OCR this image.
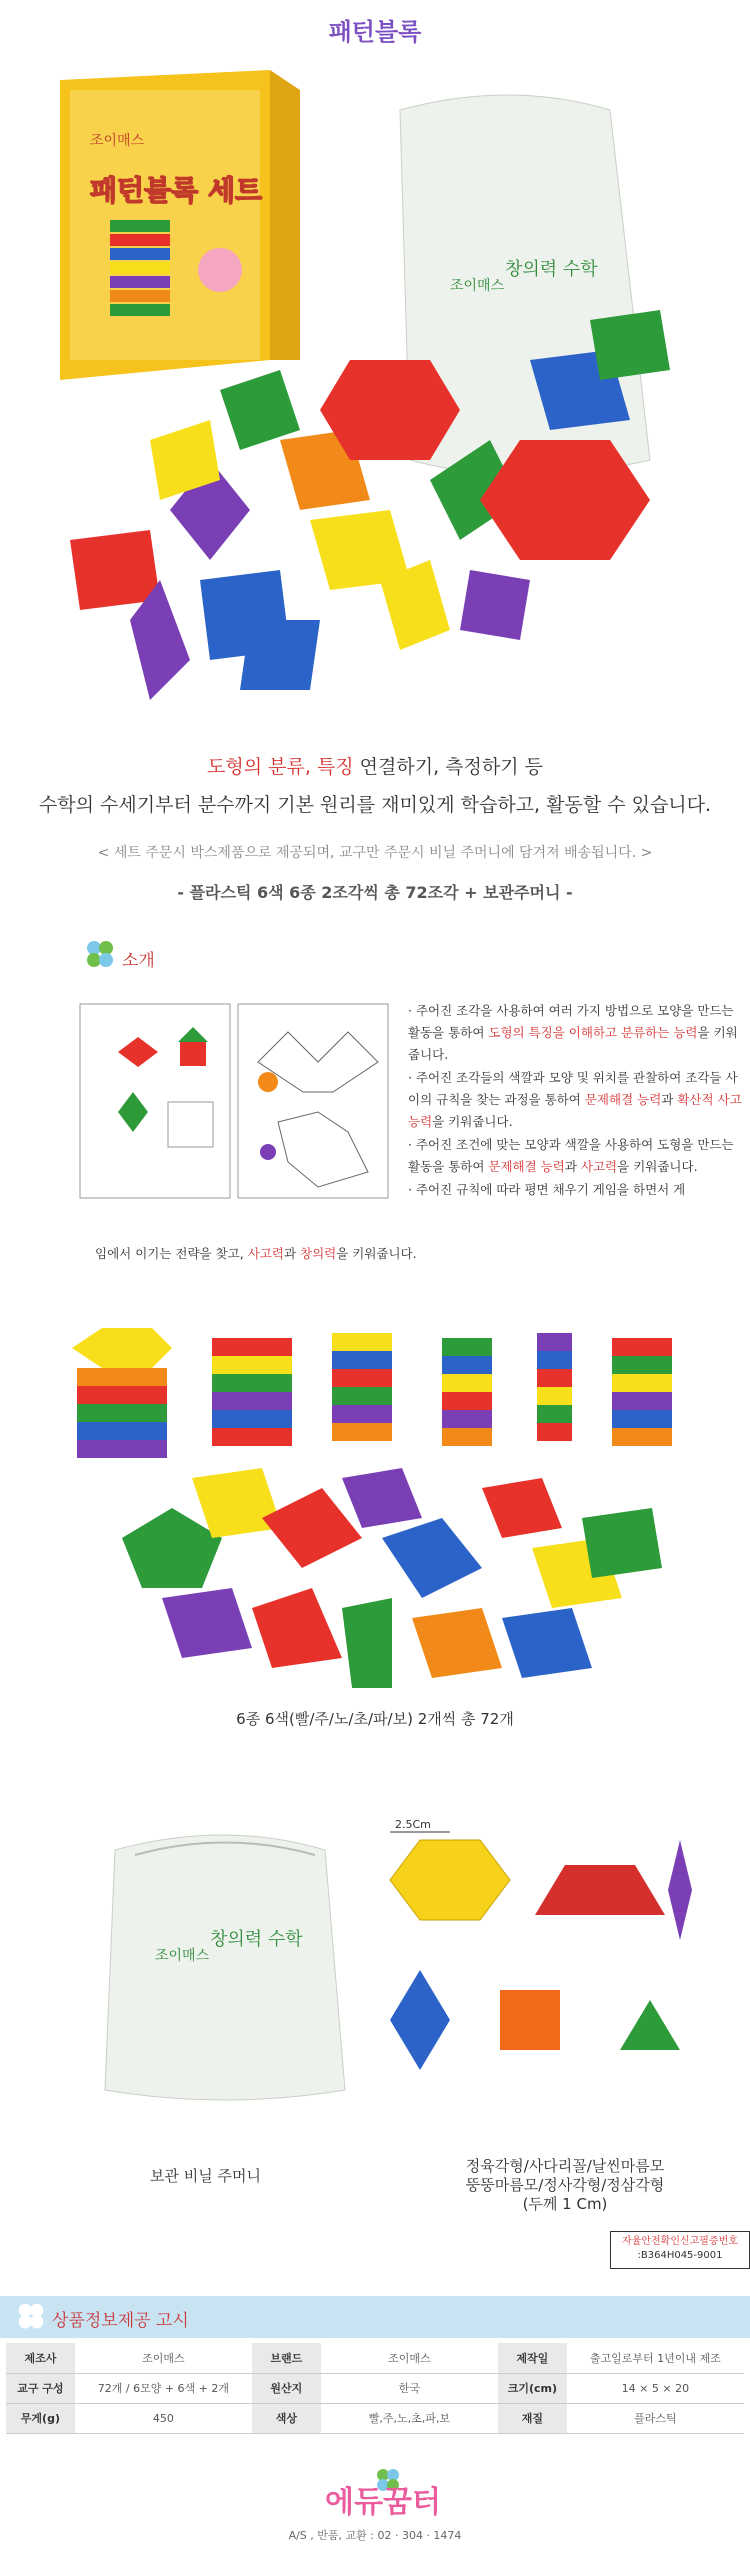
패턴블록
조이매스
패턴블록 세트
조이매스
창의력 수학
도형의 분류, 특징 연결하기, 측정하기 등
수학의 수세기부터 분수까지 기본 원리를 재미있게 학습하고, 활동할 수 있습니다.
< 세트 주문시 박스제품으로 제공되며, 교구만 주문시 비닐 주머니에 담겨져 배송됩니다. >
- 플라스틱 6색 6종 2조각씩 총 72조각 + 보관주머니 -
소개

· 주어진 조각을 사용하여 여러 가지 방법으로 모양을 만드는 활동을 통하여 도형의 특징을 이해하고 분류하는 능력을 키워줍니다.

· 주어진 조각들의 색깔과 모양 및 위치를 관찰하여 조각들 사이의 규칙을 찾는 과정을 통하여 문제해결 능력과 확산적 사고 능력을 키워줍니다.

· 주어진 조건에 맞는 모양과 색깔을 사용하여 도형을 만드는 활동을 통하여 문제해결 능력과 사고력을 키워줍니다.

· 주어진 규칙에 따라 평면 채우기 게임을 하면서 게

임에서 이기는 전략을 찾고, 사고력과 창의력을 키워줍니다.
6종 6색(빨/주/노/초/파/보) 2개씩 총 72개
조이매스
창의력 수학
보관 비닐 주머니
2.5Cm
정육각형/사다리꼴/날씬마름모
뚱뚱마름모/정사각형/정삼각형
(두께 1 Cm)
자율안전확인신고필증번호
:B364H045-9001
상품정보제공 고시
제조사	조이매스	브랜드	조이매스	제작일	출고일로부터 1년이내 제조
교구 구성	72개 / 6모양 + 6색 + 2개	원산지	한국	크기(cm)	14 × 5 × 20
무게(g)	450	색상	빨,주,노,초,파,보	재질	플라스틱
에듀꿈터
A/S , 반품, 교환 : 02 · 304 · 1474
